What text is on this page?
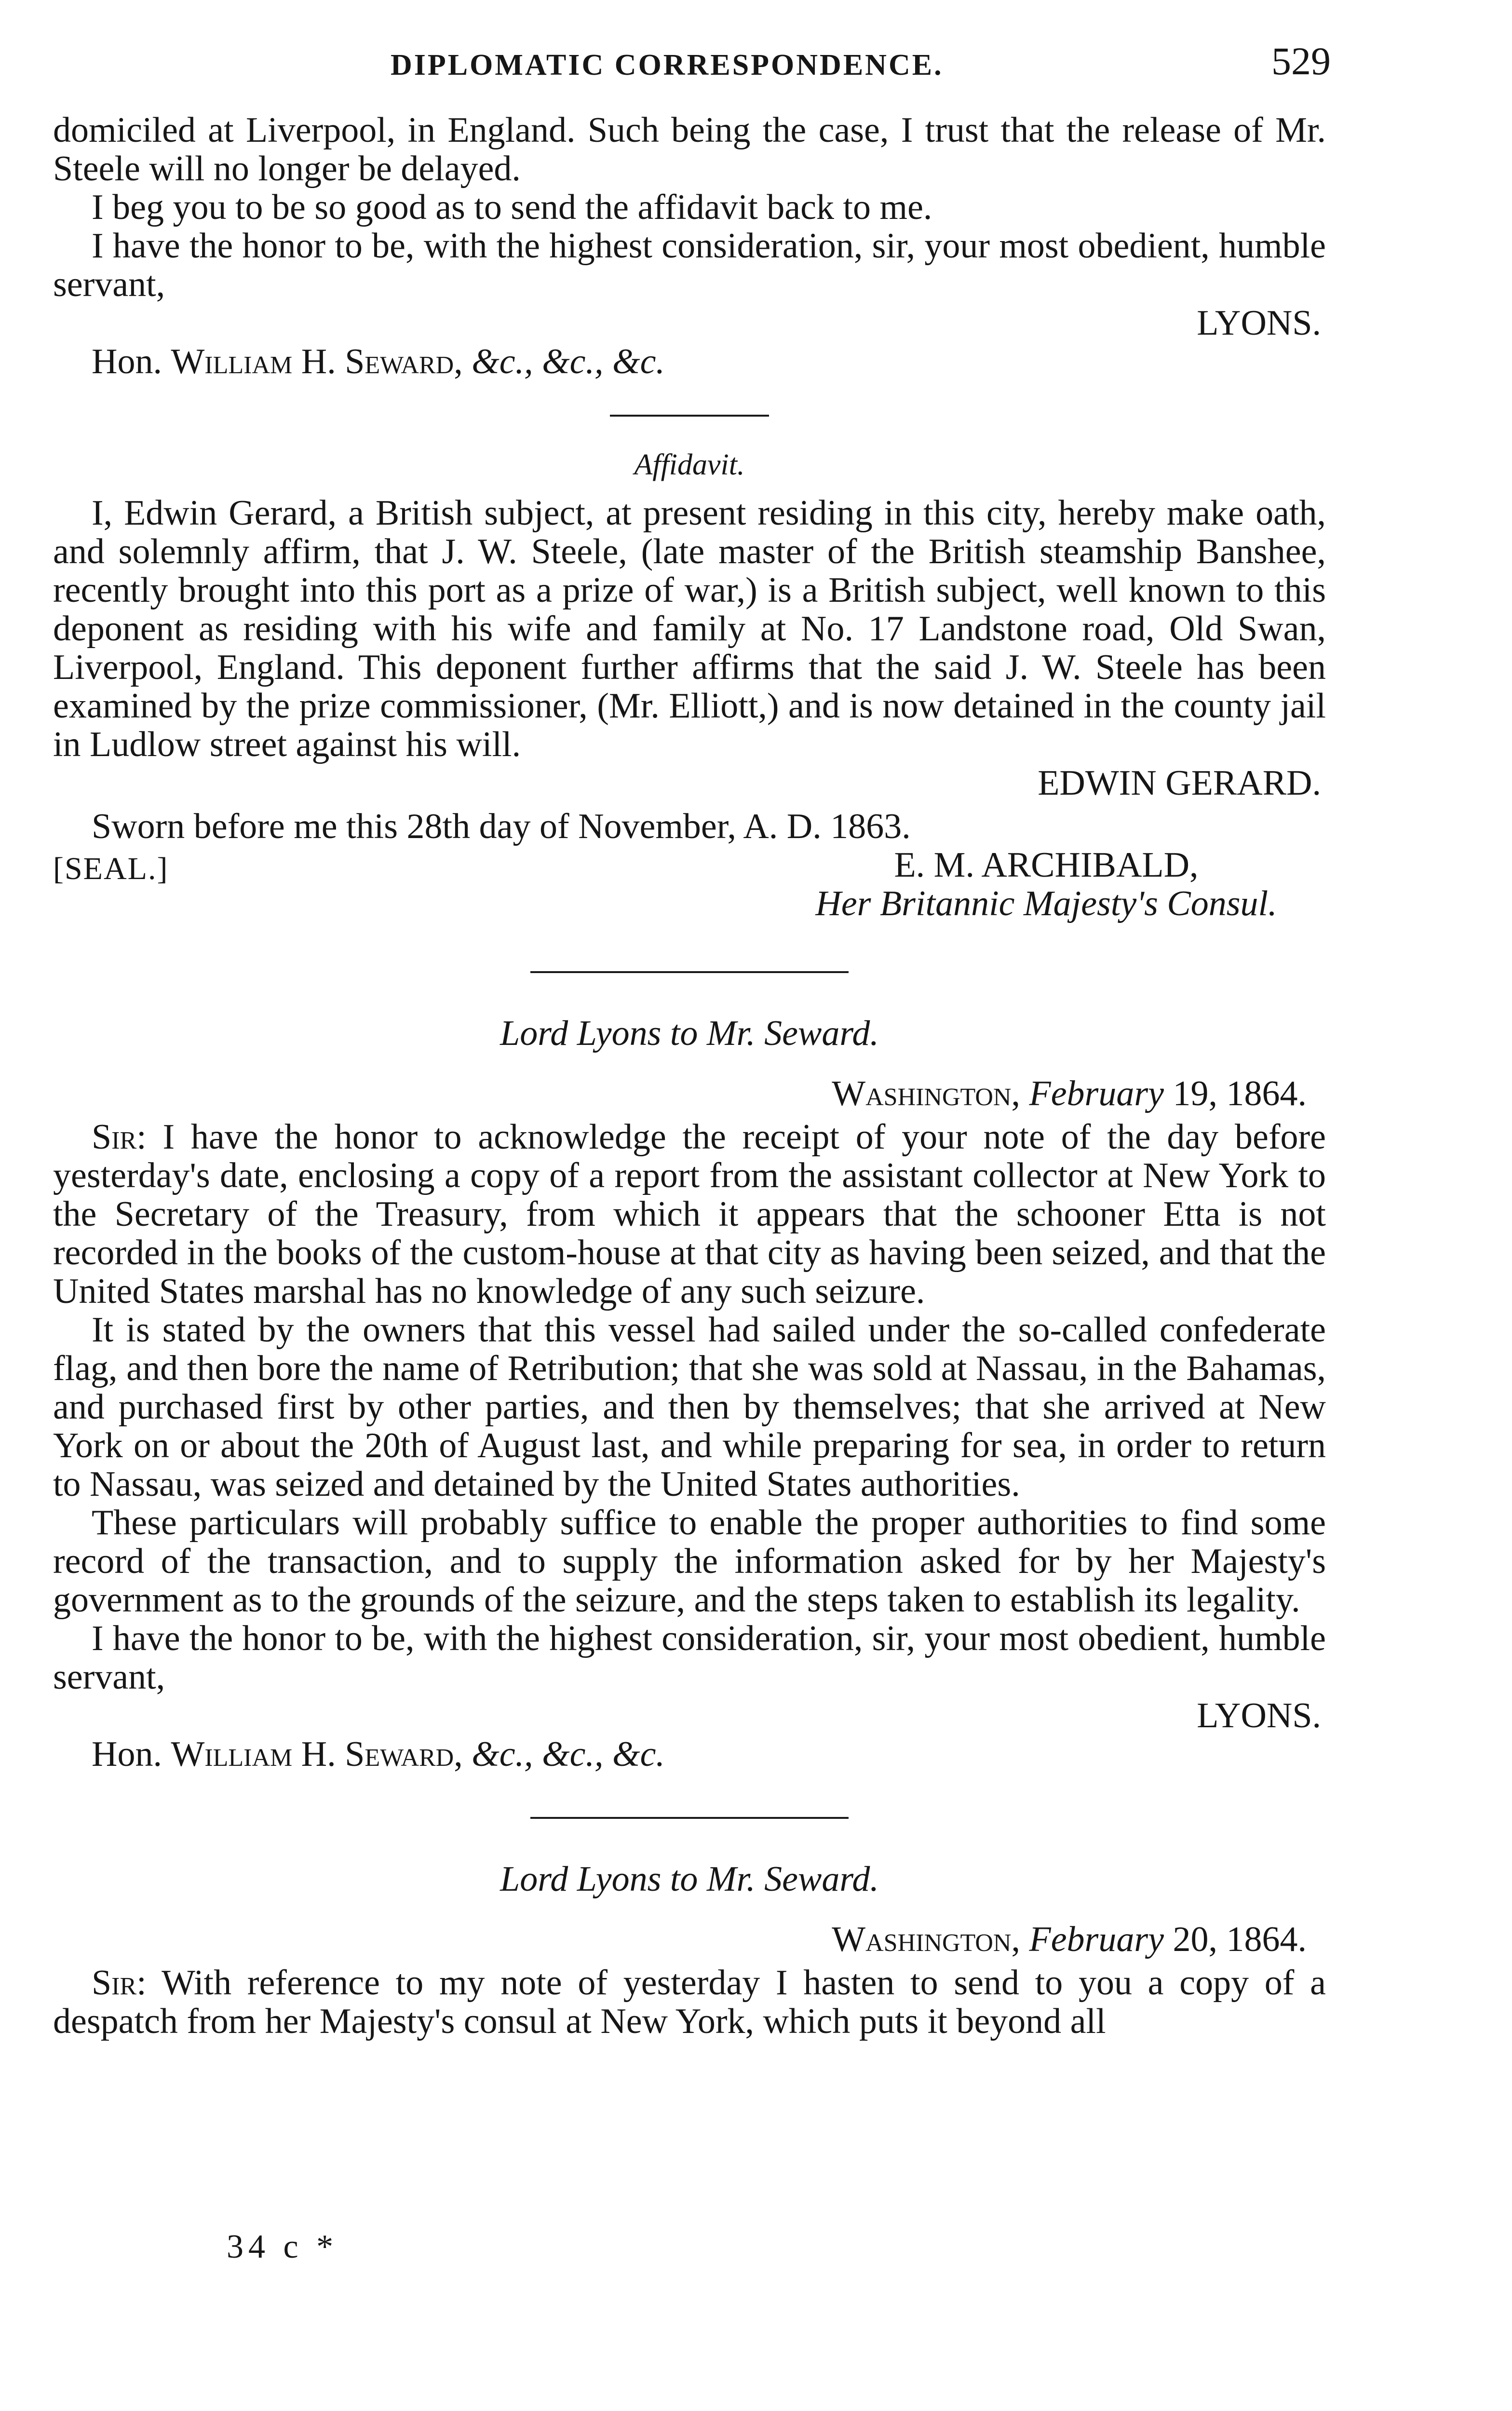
DIPLOMATIC CORRESPONDENCE.	529

domiciled at Liverpool, in England. Such being the case, I trust that the release of Mr. Steele will no longer be delayed.

I beg you to be so good as to send the affidavit back to me.

I have the honor to be, with the highest consideration, sir, your most obedient, humble servant,

LYONS.
Hon. William H. Seward, &c., &c., &c.
Affidavit.

I, Edwin Gerard, a British subject, at present residing in this city, hereby make oath, and solemnly affirm, that J. W. Steele, (late master of the British steamship Banshee, recently brought into this port as a prize of war,) is a British subject, well known to this deponent as residing with his wife and family at No. 17 Landstone road, Old Swan, Liverpool, England. This deponent further affirms that the said J. W. Steele has been examined by the prize commissioner, (Mr. Elliott,) and is now detained in the county jail in Ludlow street against his will.

EDWIN GERARD.
Sworn before me this 28th day of November, A. D. 1863.
[SEAL.]	E. M. ARCHIBALD,
Her Britannic Majesty's Consul.
Lord Lyons to Mr. Seward.
Washington, February 19, 1864.

Sir: I have the honor to acknowledge the receipt of your note of the day before yesterday's date, enclosing a copy of a report from the assistant collector at New York to the Secretary of the Treasury, from which it appears that the schooner Etta is not recorded in the books of the custom-house at that city as having been seized, and that the United States marshal has no knowledge of any such seizure.

It is stated by the owners that this vessel had sailed under the so-called confederate flag, and then bore the name of Retribution; that she was sold at Nassau, in the Bahamas, and purchased first by other parties, and then by themselves; that she arrived at New York on or about the 20th of August last, and while preparing for sea, in order to return to Nassau, was seized and detained by the United States authorities.

These particulars will probably suffice to enable the proper authorities to find some record of the transaction, and to supply the information asked for by her Majesty's government as to the grounds of the seizure, and the steps taken to establish its legality.

I have the honor to be, with the highest consideration, sir, your most obedient, humble servant,

LYONS.
Hon. William H. Seward, &c., &c., &c.
Lord Lyons to Mr. Seward.
Washington, February 20, 1864.

Sir: With reference to my note of yesterday I hasten to send to you a copy of a despatch from her Majesty's consul at New York, which puts it beyond all

34 c *
